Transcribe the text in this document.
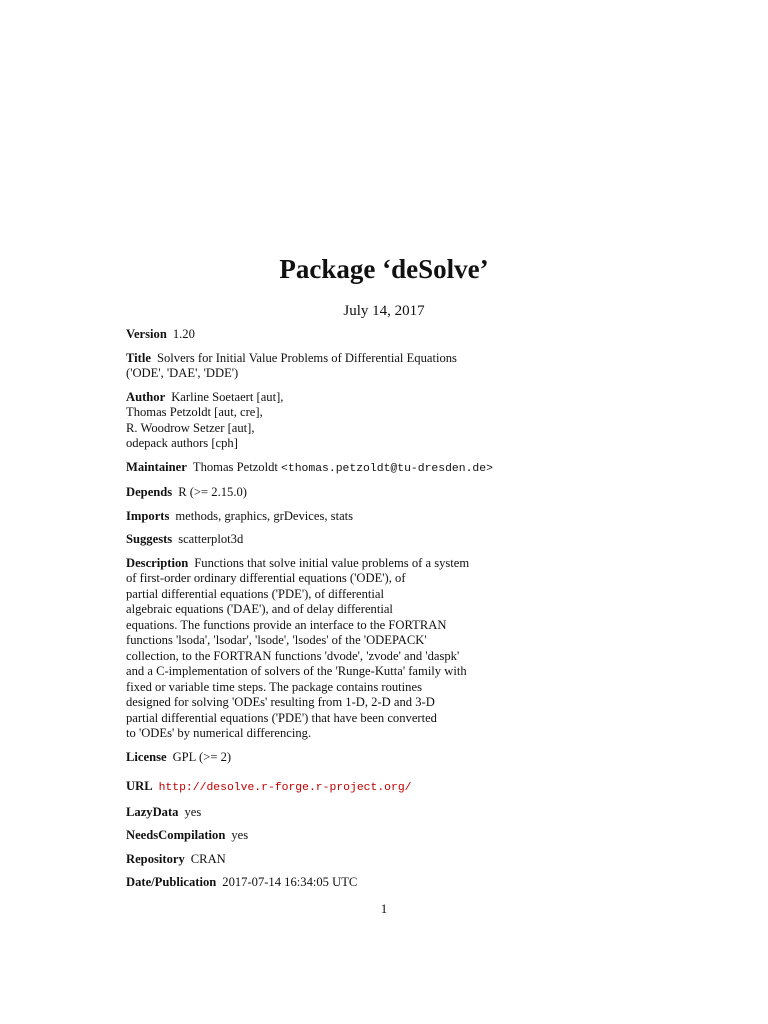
Package ‘deSolve’
July 14, 2017
Version 1.20
Title Solvers for Initial Value Problems of Differential Equations
('ODE', 'DAE', 'DDE')
Author Karline Soetaert [aut],
Thomas Petzoldt [aut, cre],
R. Woodrow Setzer [aut],
odepack authors [cph]
Maintainer Thomas Petzoldt <thomas.petzoldt@tu-dresden.de>
Depends R (>= 2.15.0)
Imports methods, graphics, grDevices, stats
Suggests scatterplot3d
Description Functions that solve initial value problems of a system
of first-order ordinary differential equations ('ODE'), of
partial differential equations ('PDE'), of differential
algebraic equations ('DAE'), and of delay differential
equations. The functions provide an interface to the FORTRAN
functions 'lsoda', 'lsodar', 'lsode', 'lsodes' of the 'ODEPACK'
collection, to the FORTRAN functions 'dvode', 'zvode' and 'daspk'
and a C-implementation of solvers of the 'Runge-Kutta' family with
fixed or variable time steps. The package contains routines
designed for solving 'ODEs' resulting from 1-D, 2-D and 3-D
partial differential equations ('PDE') that have been converted
to 'ODEs' by numerical differencing.
License GPL (>= 2)
URL http://desolve.r-forge.r-project.org/
LazyData yes
NeedsCompilation yes
Repository CRAN
Date/Publication 2017-07-14 16:34:05 UTC
1
